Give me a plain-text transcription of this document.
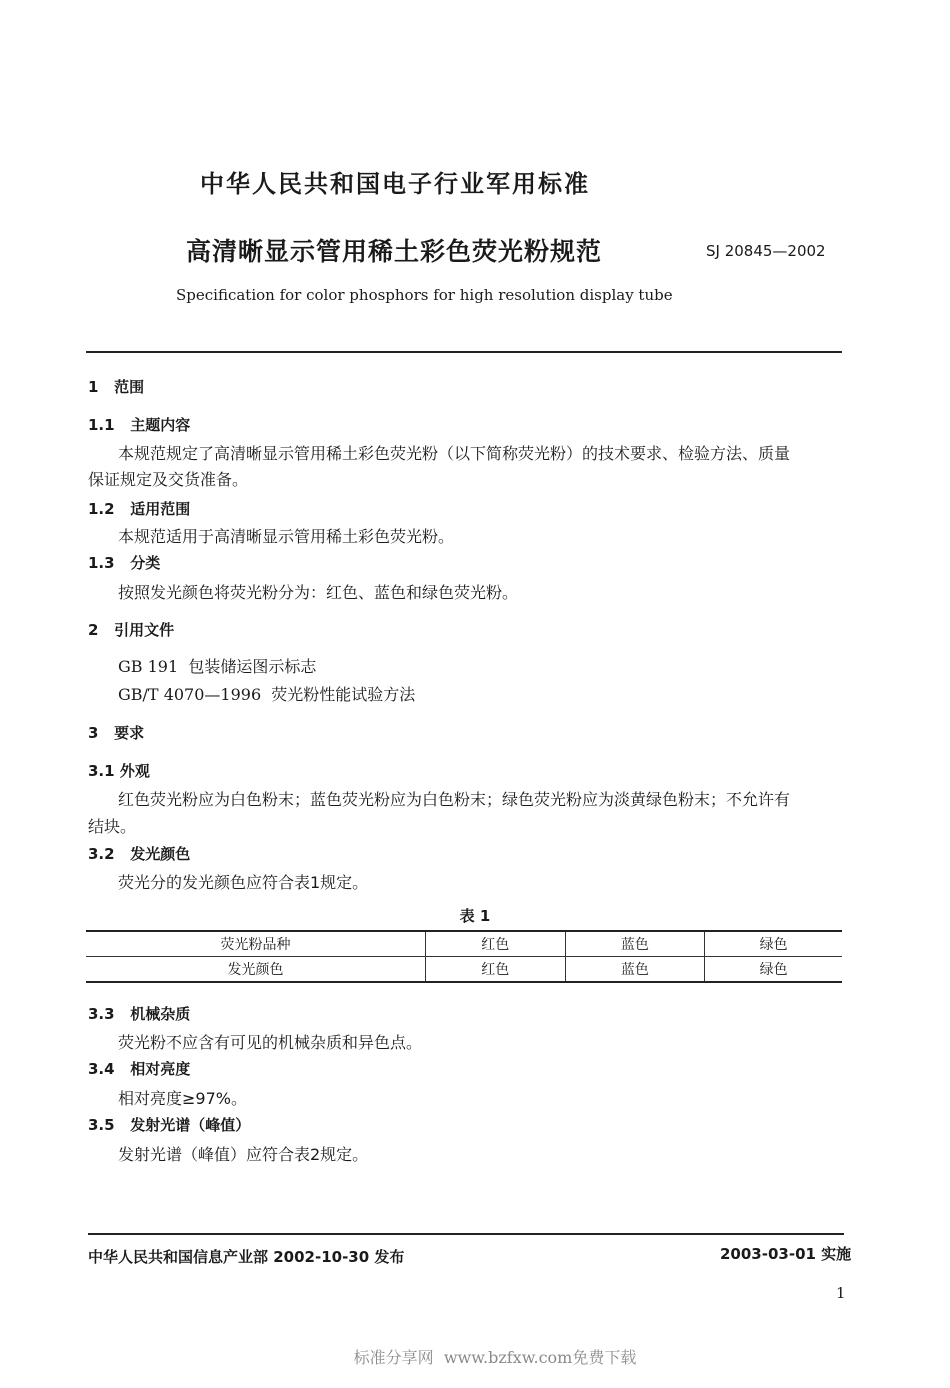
中华人民共和国电子行业军用标准
高清晰显示管用稀土彩色荧光粉规范	SJ 20845—2002
Specification for color phosphors for high resolution display tube
1 范围
1.1 主题内容
本规范规定了高清晰显示管用稀土彩色荧光粉（以下简称荧光粉）的技术要求、检验方法、质量
保证规定及交货准备。
1.2 适用范围
本规范适用于高清晰显示管用稀土彩色荧光粉。
1.3 分类
按照发光颜色将荧光粉分为：红色、蓝色和绿色荧光粉。
2 引用文件
GB 191  包装储运图示标志
GB/T 4070—1996  荧光粉性能试验方法
3 要求
3.1 外观
红色荧光粉应为白色粉末；蓝色荧光粉应为白色粉末；绿色荧光粉应为淡黄绿色粉末；不允许有
结块。
3.2 发光颜色
荧光分的发光颜色应符合表1规定。
表 1
荧光粉品种	红色	蓝色	绿色
发光颜色	红色	蓝色	绿色
3.3 机械杂质
荧光粉不应含有可见的机械杂质和异色点。
3.4 相对亮度
相对亮度≥97%。
3.5 发射光谱（峰值）
发射光谱（峰值）应符合表2规定。
中华人民共和国信息产业部 2002-10-30 发布	2003-03-01 实施
1
标准分享网  www.bzfxw.com免费下载
